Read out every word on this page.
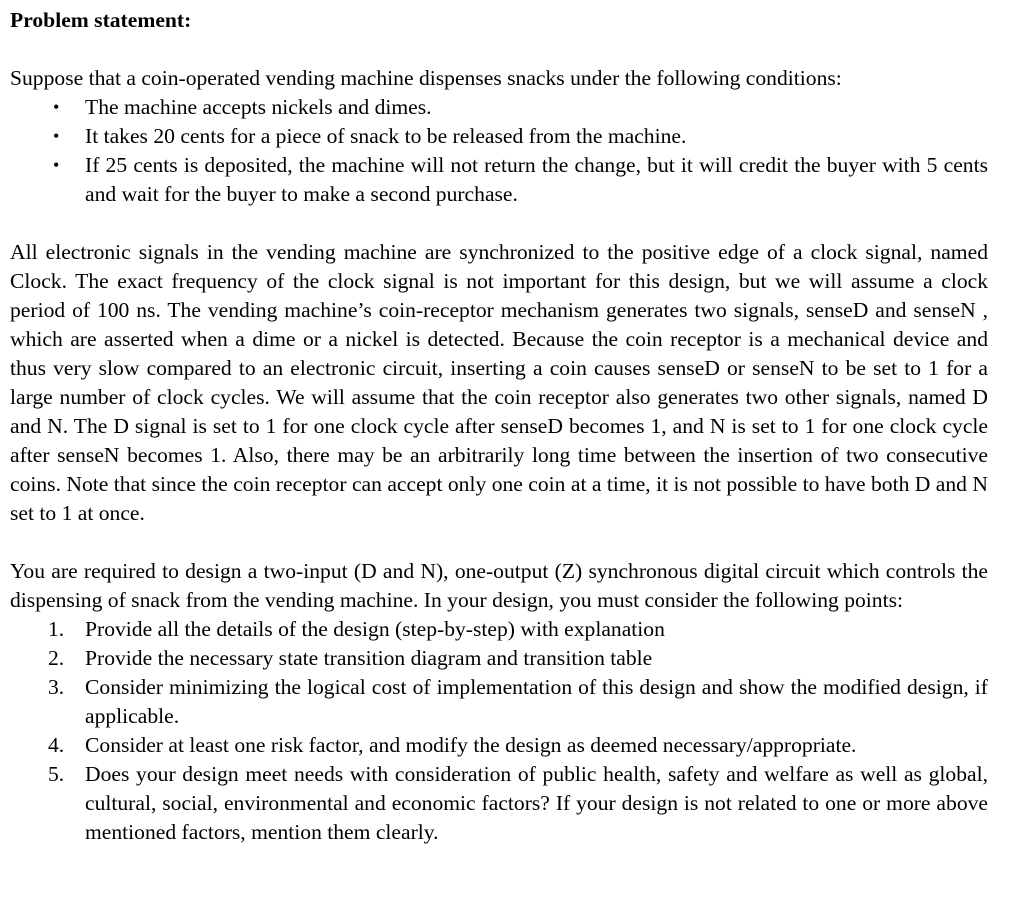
Problem statement:

Suppose that a coin-operated vending machine dispenses snacks under the following conditions:

• The machine accepts nickels and dimes.
• It takes 20 cents for a piece of snack to be released from the machine.
• If 25 cents is deposited, the machine will not return the change, but it will credit the buyer with 5 cents and wait for the buyer to make a second purchase.

All electronic signals in the vending machine are synchronized to the positive edge of a clock signal, named Clock. The exact frequency of the clock signal is not important for this design, but we will assume a clock period of 100 ns. The vending machine’s coin-receptor mechanism generates two signals, senseD and senseN , which are asserted when a dime or a nickel is detected. Because the coin receptor is a mechanical device and thus very slow compared to an electronic circuit, inserting a coin causes senseD or senseN to be set to 1 for a large number of clock cycles. We will assume that the coin receptor also generates two other signals, named D and N. The D signal is set to 1 for one clock cycle after senseD becomes 1, and N is set to 1 for one clock cycle after senseN becomes 1. Also, there may be an arbitrarily long time between the insertion of two consecutive coins. Note that since the coin receptor can accept only one coin at a time, it is not possible to have both D and N set to 1 at once.

You are required to design a two-input (D and N), one-output (Z) synchronous digital circuit which controls the dispensing of snack from the vending machine. In your design, you must consider the following points:

1. Provide all the details of the design (step-by-step) with explanation
2. Provide the necessary state transition diagram and transition table
3. Consider minimizing the logical cost of implementation of this design and show the modified design, if applicable.
4. Consider at least one risk factor, and modify the design as deemed necessary/appropriate.
5. Does your design meet needs with consideration of public health, safety and welfare as well as global, cultural, social, environmental and economic factors? If your design is not related to one or more above mentioned factors, mention them clearly.
